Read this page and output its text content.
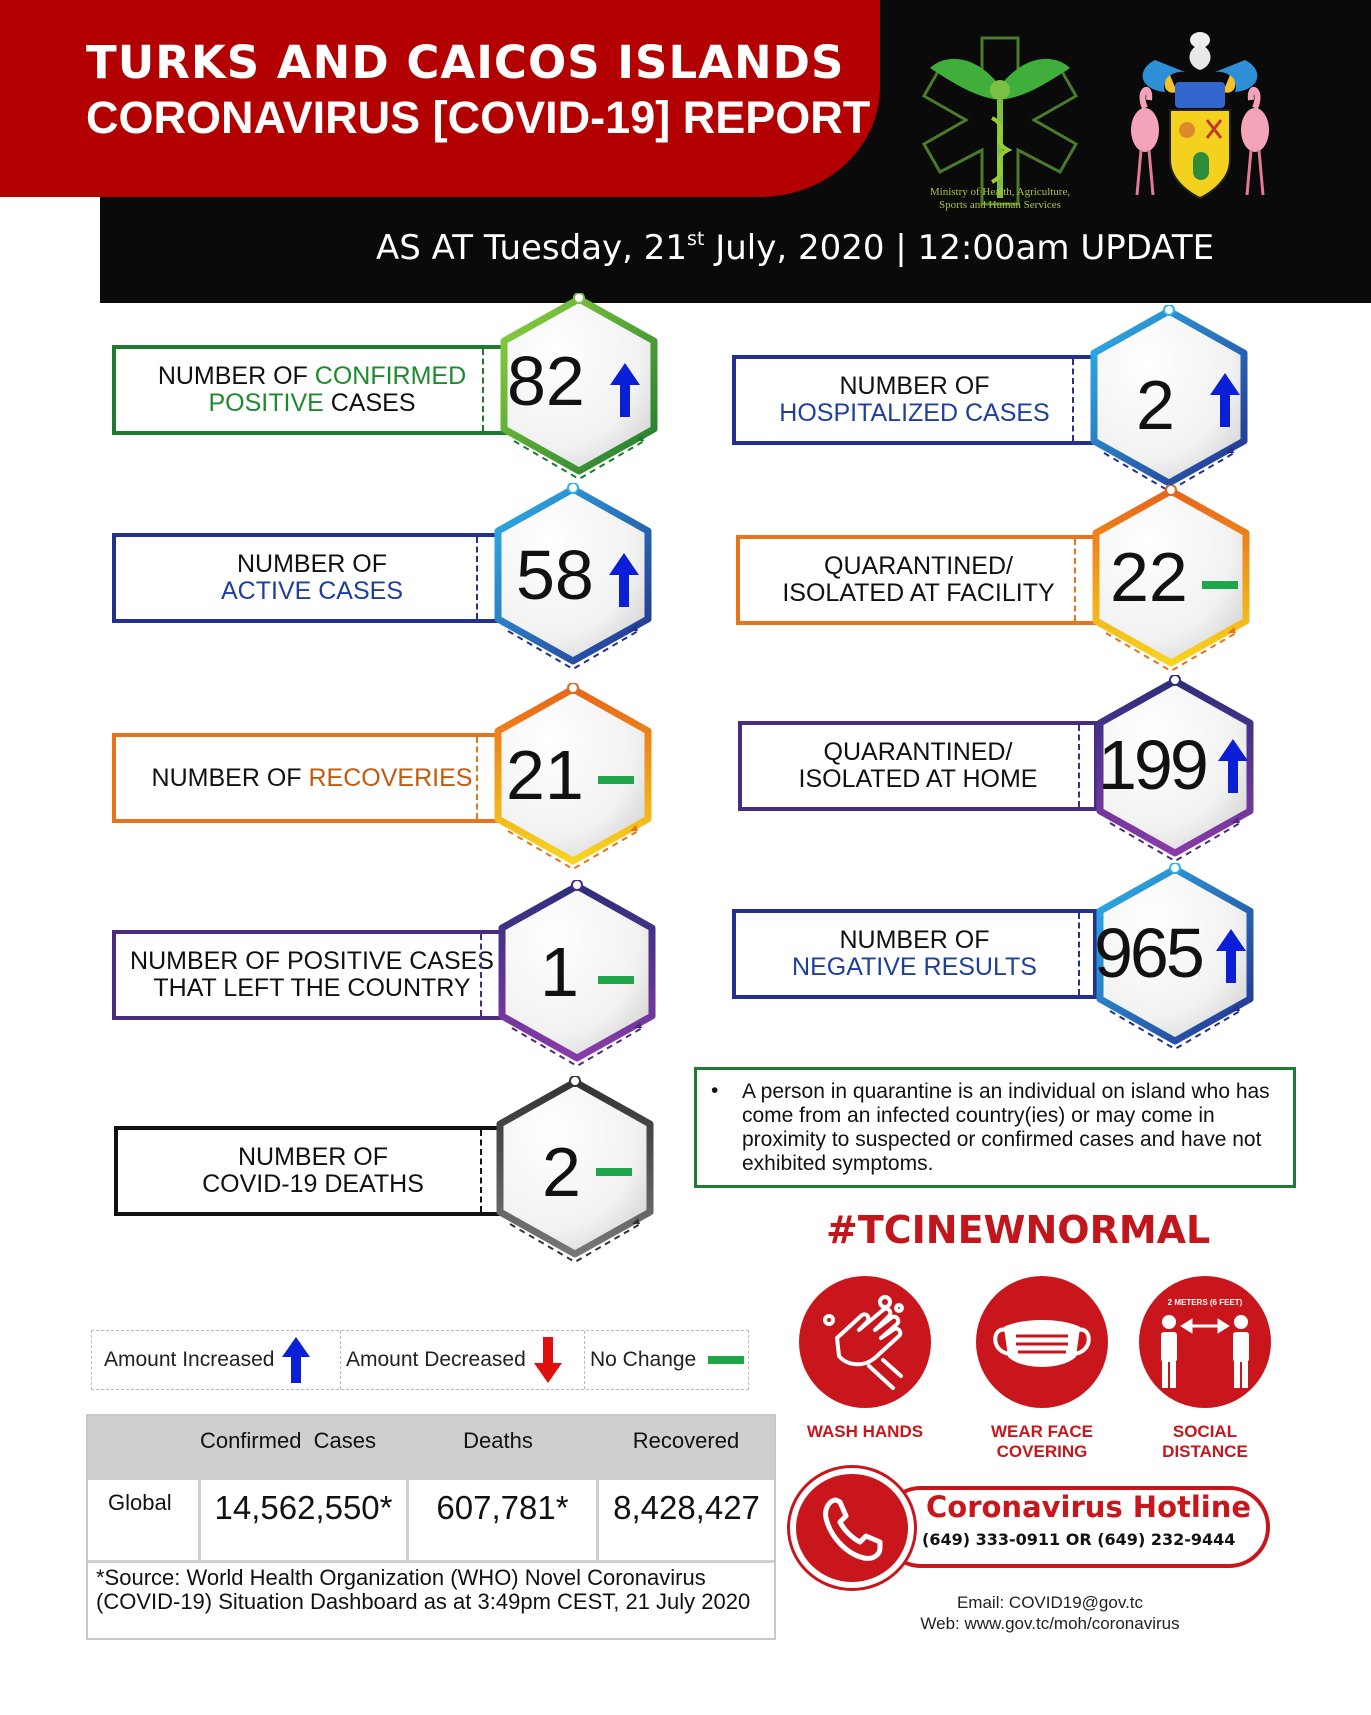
TURKS AND CAICOS ISLANDS
CORONAVIRUS [COVID-19] REPORT
AS AT Tuesday, 21st July, 2020 | 12:00am UPDATE
Ministry of Health, Agriculture,
Sports and Human Services
NUMBER OF CONFIRMED
POSITIVE CASES	82
NUMBER OF
ACTIVE CASES 58
NUMBER OF RECOVERIES 21
NUMBER OF POSITIVE CASES
THAT LEFT THE COUNTRY 1
NUMBER OF
COVID-19 DEATHS 2
NUMBER OF
HOSPITALIZED CASES 2
QUARANTINED/
ISOLATED AT FACILITY 22
QUARANTINED/
ISOLATED AT HOME 199
NUMBER OF
NEGATIVE RESULTS 965
• A person in quarantine is an individual on island who has come from an infected country(ies) or may come in proximity to suspected or confirmed cases and have not exhibited symptoms.
#TCINEWNORMAL
WASH HANDS	WEAR FACE
COVERING
2 METERS (6 FEET)
SOCIAL
DISTANCE
Amount Increased	Amount Decreased	No Change
Confirmed  Cases	Deaths	Recovered
Global	14,562,550*	607,781*	8,428,427
*Source: World Health Organization (WHO) Novel Coronavirus (COVID-19) Situation Dashboard as at 3:49pm CEST, 21 July 2020
Coronavirus Hotline
(649) 333-0911 OR (649) 232-9444
Email: COVID19@gov.tc
Web: www.gov.tc/moh/coronavirus
